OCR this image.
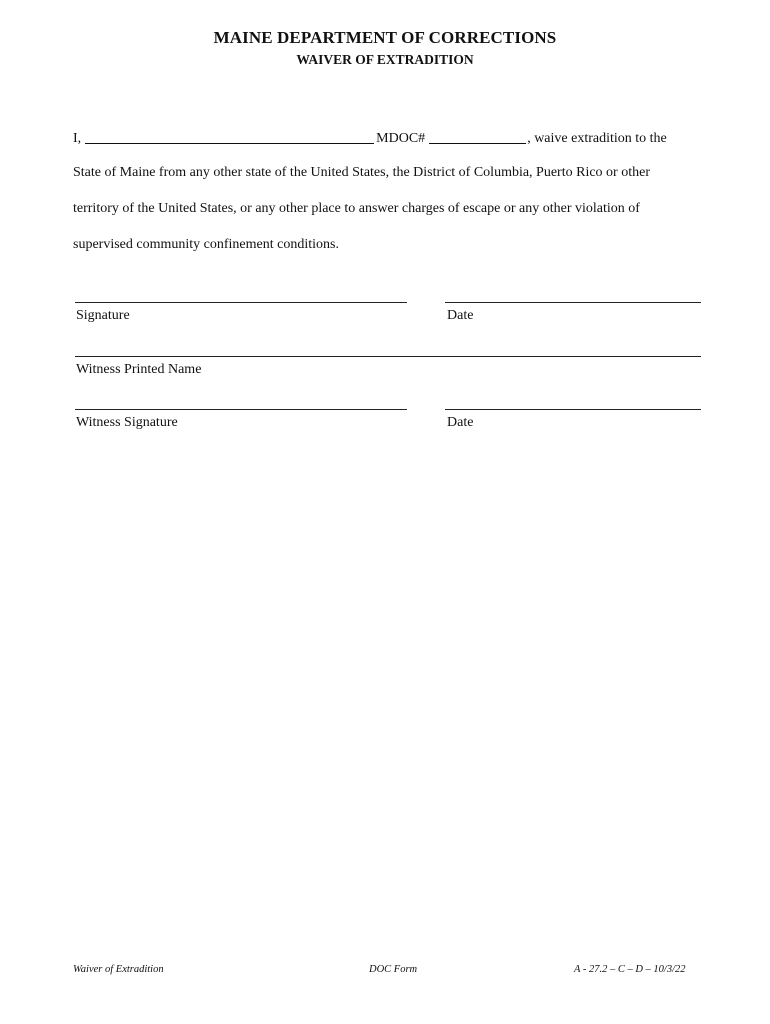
MAINE DEPARTMENT OF CORRECTIONS
WAIVER OF EXTRADITION
I,	MDOC#	, waive extradition to the
State of Maine from any other state of the United States, the District of Columbia, Puerto Rico or other
territory of the United States, or any other place to answer charges of escape or any other violation of
supervised community confinement conditions.
Signature	Date
Witness Printed Name
Witness Signature	Date
Waiver of Extradition	DOC Form	A - 27.2 – C – D – 10/3/22
